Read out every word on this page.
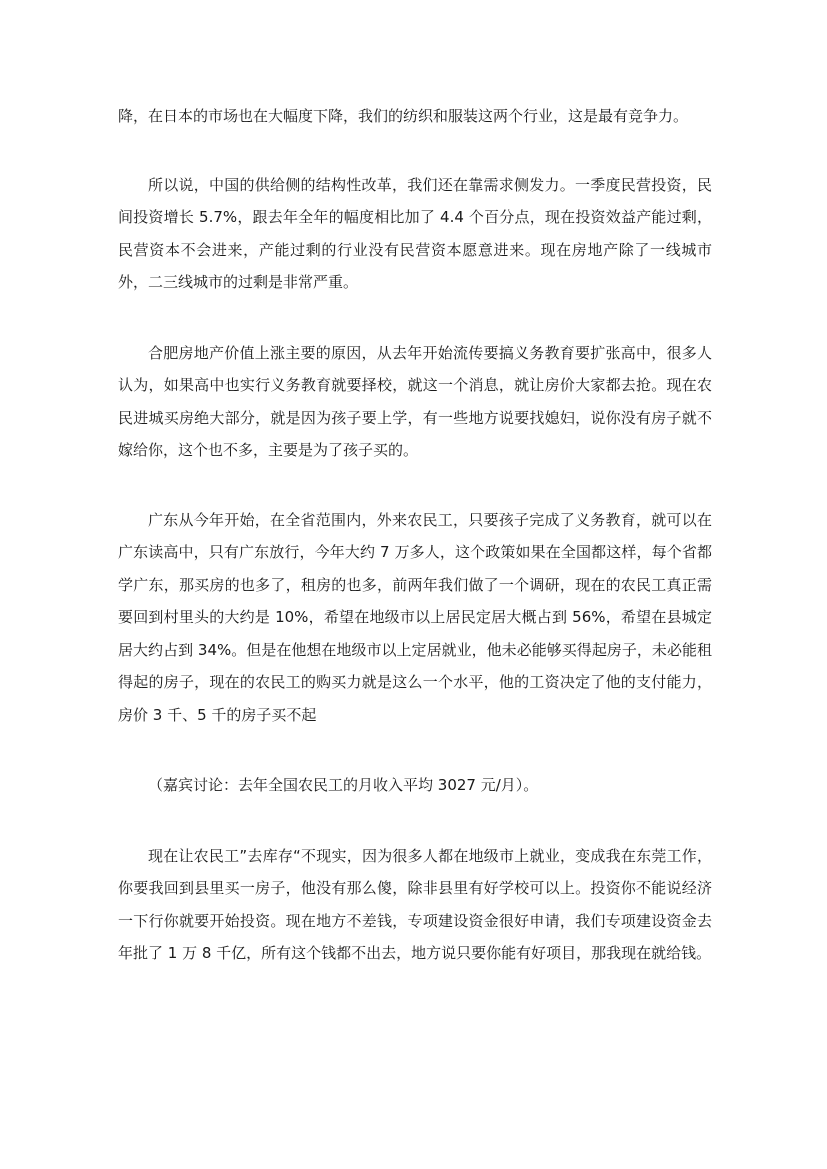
降，在日本的市场也在大幅度下降，我们的纺织和服装这两个行业，这是最有竞争力。

所以说，中国的供给侧的结构性改革，我们还在靠需求侧发力。一季度民营投资，民间投资增长 5.7%，跟去年全年的幅度相比加了 4.4 个百分点，现在投资效益产能过剩，民营资本不会进来，产能过剩的行业没有民营资本愿意进来。现在房地产除了一线城市外，二三线城市的过剩是非常严重。

合肥房地产价值上涨主要的原因，从去年开始流传要搞义务教育要扩张高中，很多人认为，如果高中也实行义务教育就要择校，就这一个消息，就让房价大家都去抢。现在农民进城买房绝大部分，就是因为孩子要上学，有一些地方说要找媳妇，说你没有房子就不嫁给你，这个也不多，主要是为了孩子买的。

广东从今年开始，在全省范围内，外来农民工，只要孩子完成了义务教育，就可以在广东读高中，只有广东放行，今年大约 7 万多人，这个政策如果在全国都这样，每个省都学广东，那买房的也多了，租房的也多，前两年我们做了一个调研，现在的农民工真正需要回到村里头的大约是 10%，希望在地级市以上居民定居大概占到 56%，希望在县城定居大约占到 34%。但是在他想在地级市以上定居就业，他未必能够买得起房子，未必能租得起的房子，现在的农民工的购买力就是这么一个水平，他的工资决定了他的支付能力，房价 3 千、5 千的房子买不起

（嘉宾讨论：去年全国农民工的月收入平均 3027 元/月）。

现在让农民工”去库存“不现实，因为很多人都在地级市上就业，变成我在东莞工作，你要我回到县里买一房子，他没有那么傻，除非县里有好学校可以上。投资你不能说经济一下行你就要开始投资。现在地方不差钱，专项建设资金很好申请，我们专项建设资金去年批了 1 万 8 千亿，所有这个钱都不出去，地方说只要你能有好项目，那我现在就给钱。
